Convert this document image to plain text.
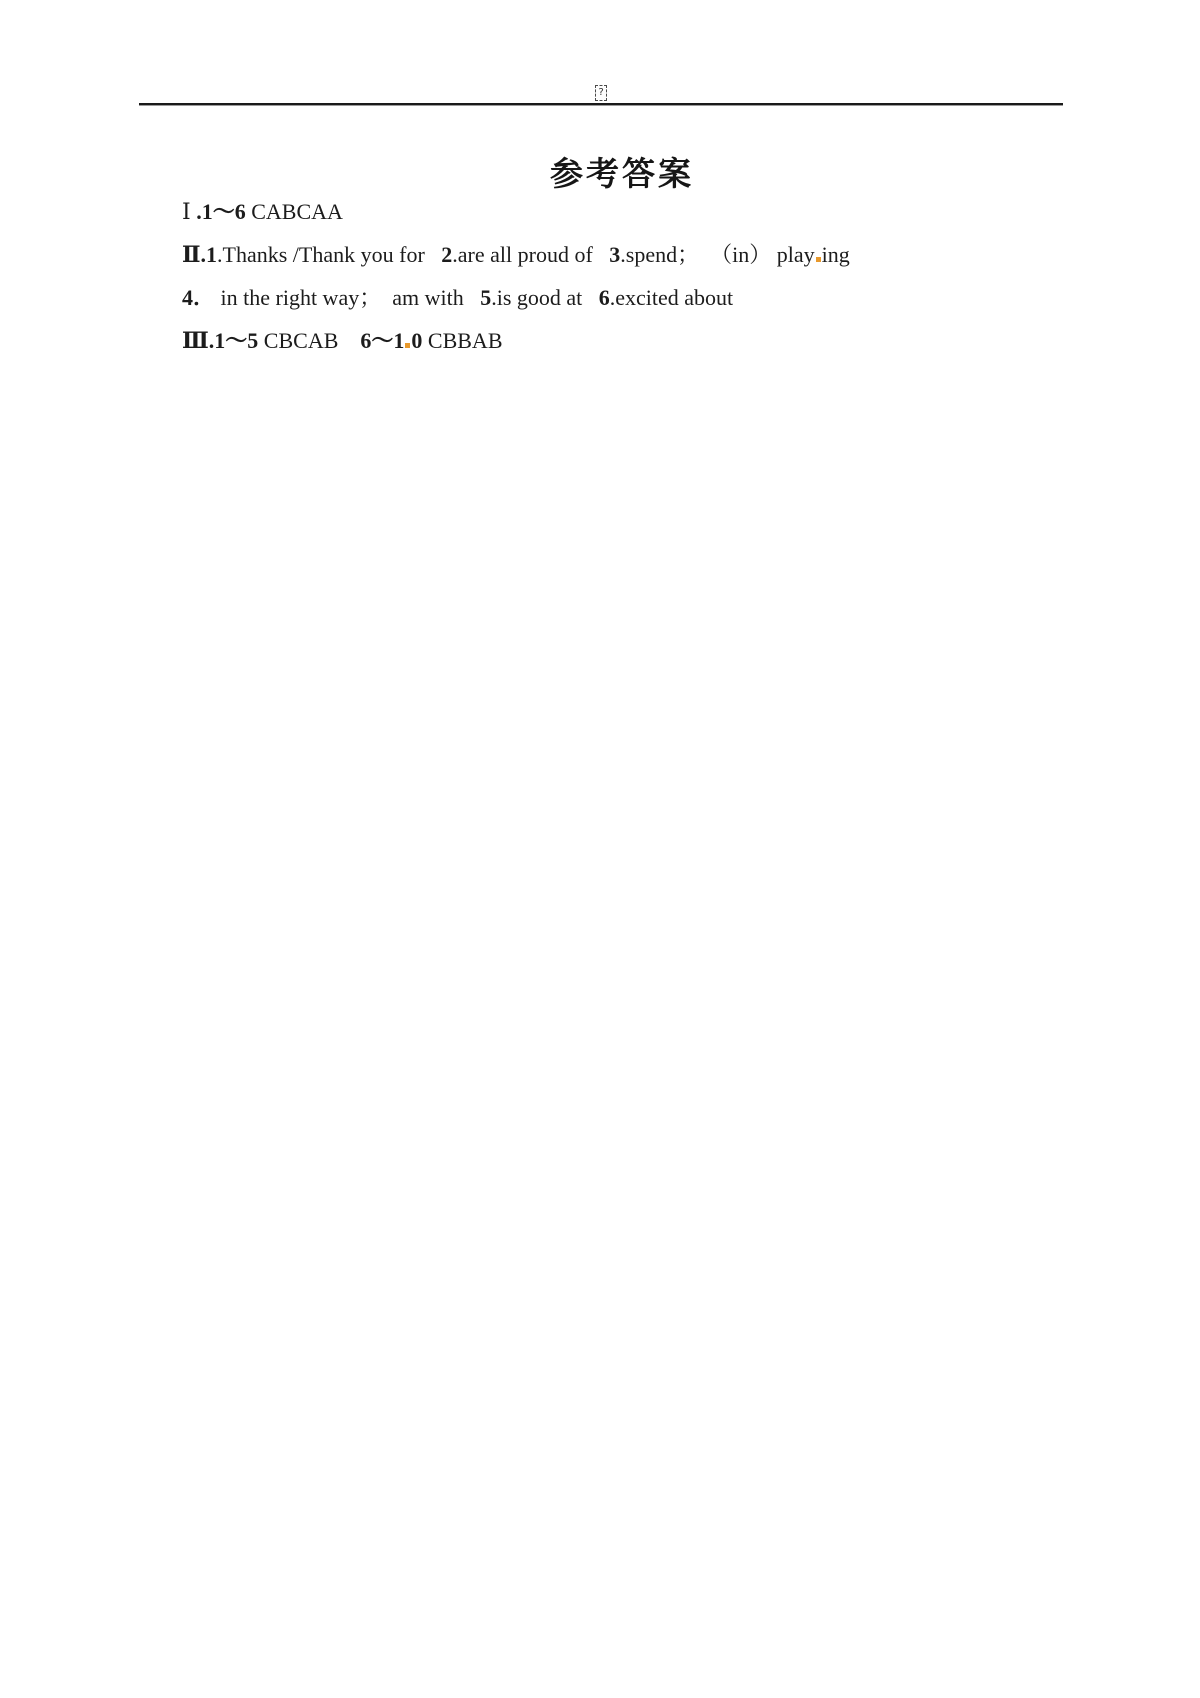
?
参考答案
Ⅰ .1～6 CABCAA
Ⅱ.1.Thanks /Thank you for   2.are all proud of   3.spend；  （in） play ing
4． in the right way；  am with   5.is good at   6.excited about
Ⅲ.1～5 CBCAB    6～1 0 CBBAB
